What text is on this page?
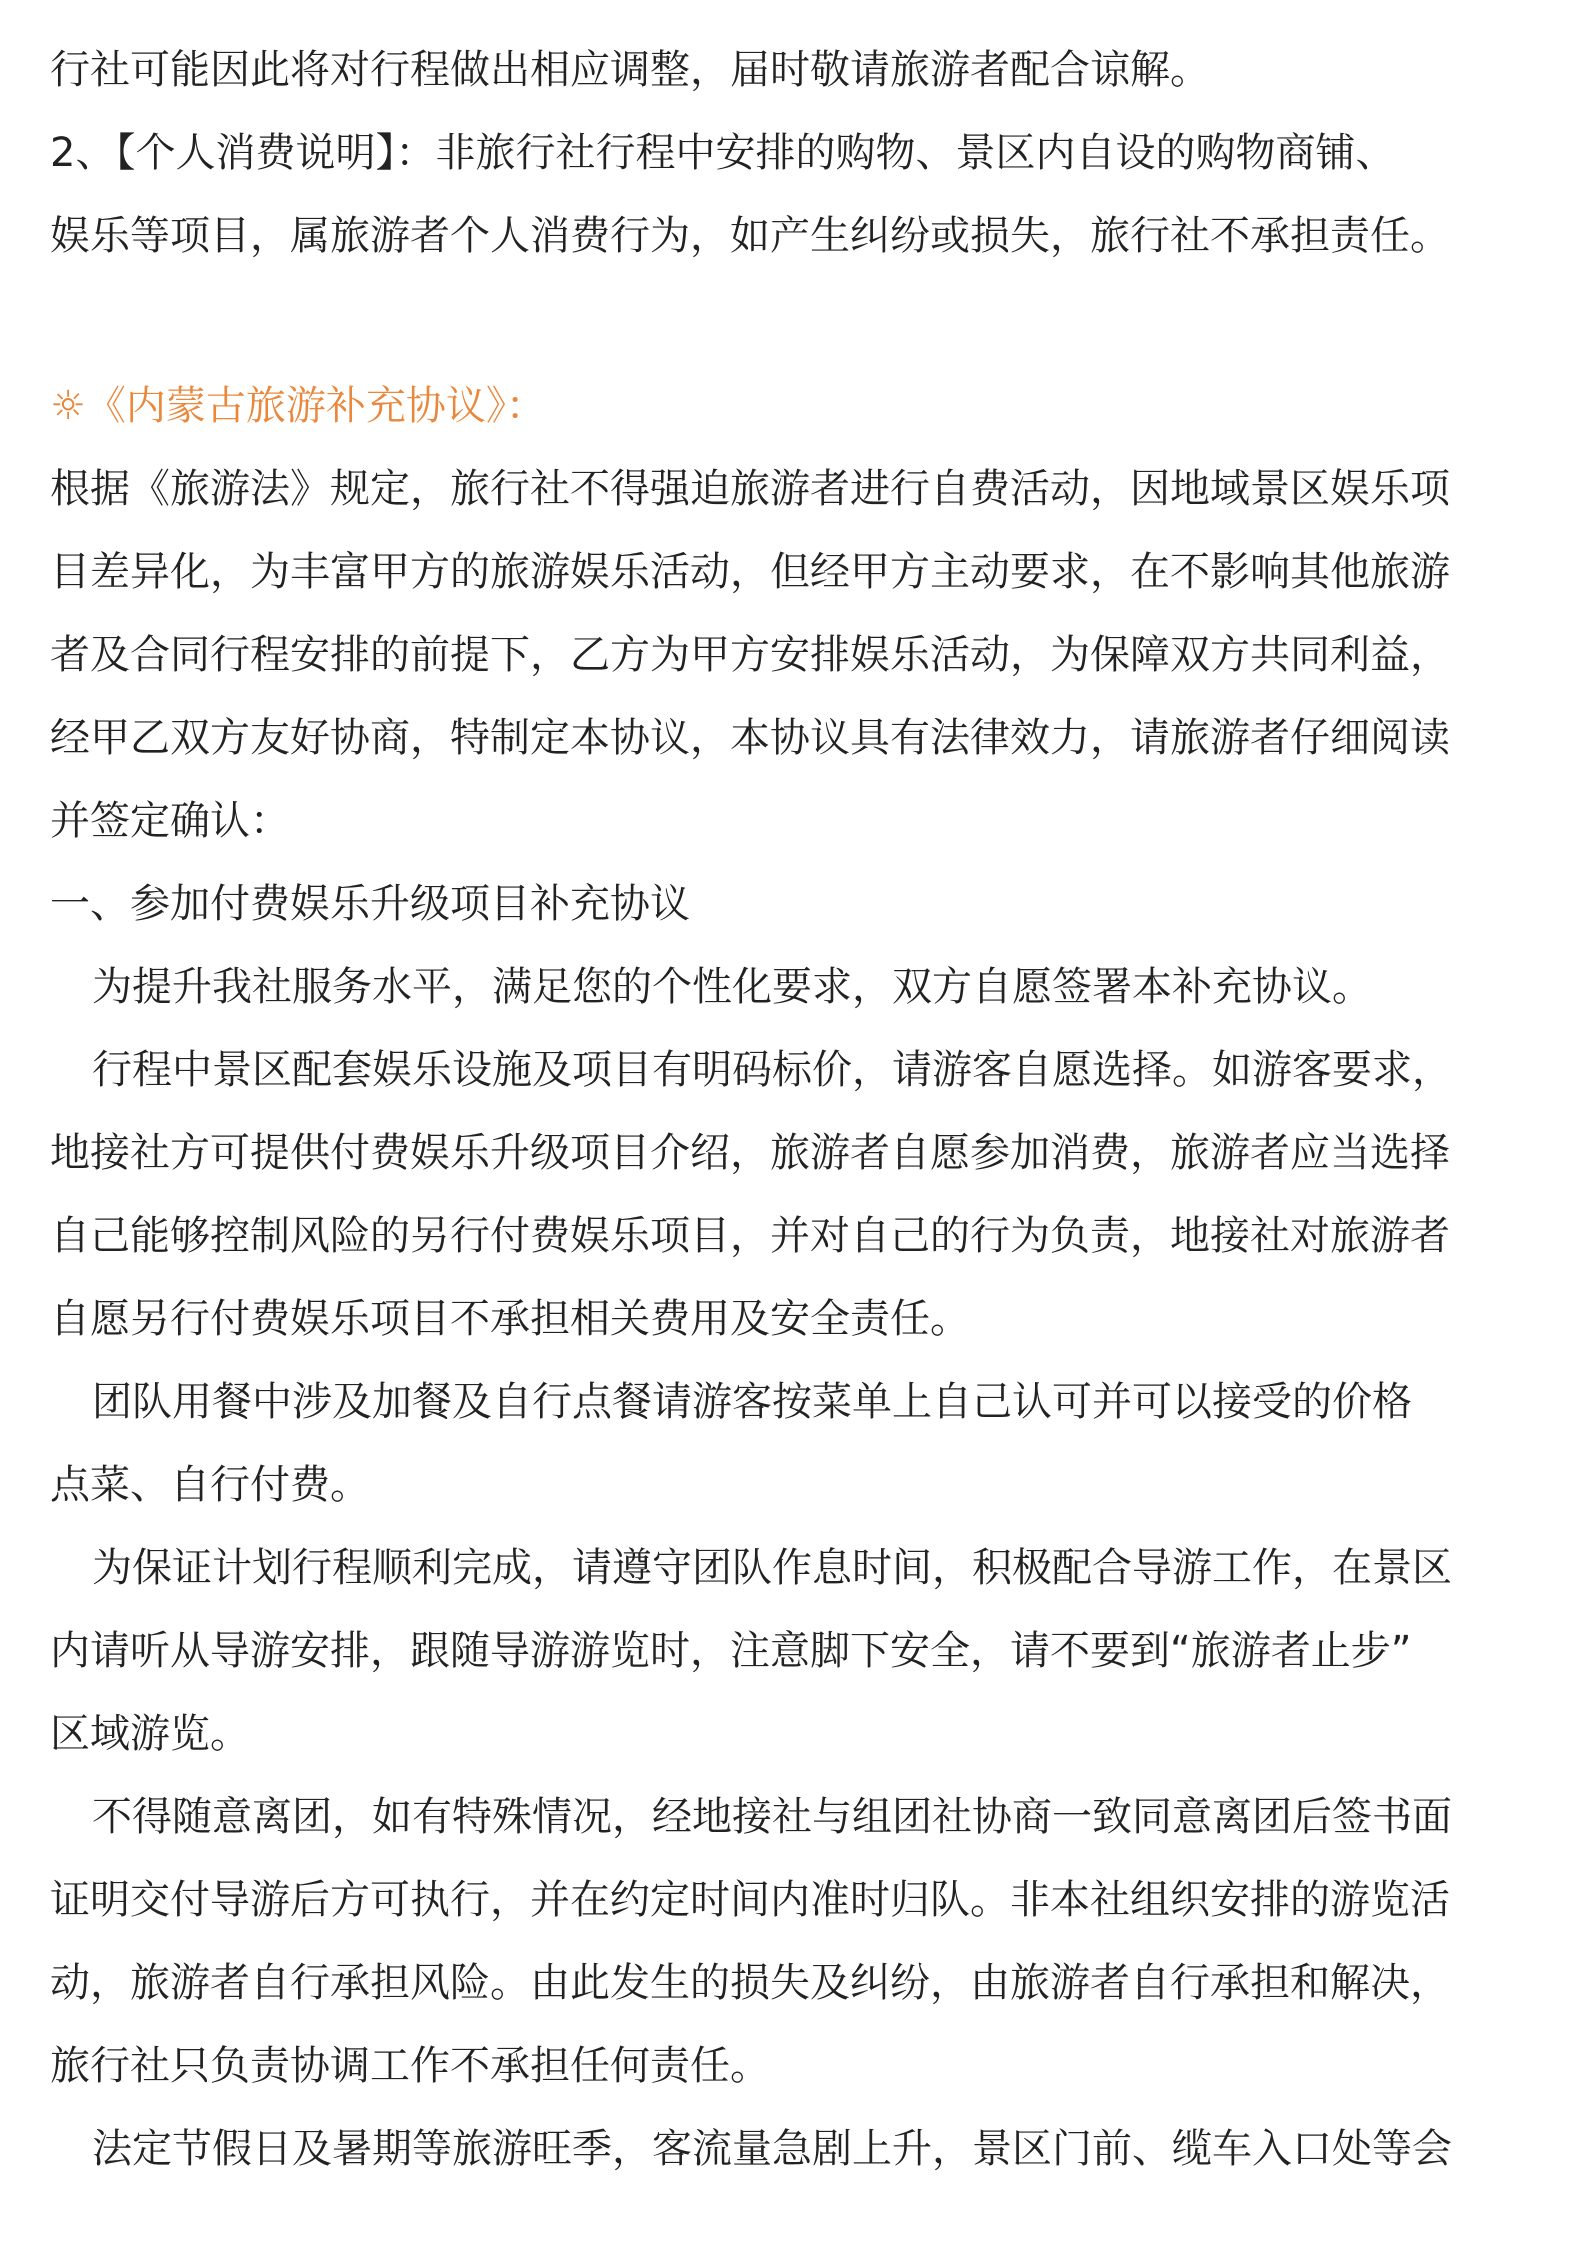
行社可能因此将对行程做出相应调整，届时敬请旅游者配合谅解。
2、【个人消费说明】：非旅行社行程中安排的购物、景区内自设的购物商铺、
娱乐等项目，属旅游者个人消费行为，如产生纠纷或损失，旅行社不承担责任。
☼《内蒙古旅游补充协议》：
根据《旅游法》规定，旅行社不得强迫旅游者进行自费活动，因地域景区娱乐项
目差异化，为丰富甲方的旅游娱乐活动，但经甲方主动要求，在不影响其他旅游
者及合同行程安排的前提下，乙方为甲方安排娱乐活动，为保障双方共同利益，
经甲乙双方友好协商，特制定本协议，本协议具有法律效力，请旅游者仔细阅读
并签定确认：
一、参加付费娱乐升级项目补充协议
为提升我社服务水平，满足您的个性化要求，双方自愿签署本补充协议。
行程中景区配套娱乐设施及项目有明码标价，请游客自愿选择。如游客要求，
地接社方可提供付费娱乐升级项目介绍，旅游者自愿参加消费，旅游者应当选择
自己能够控制风险的另行付费娱乐项目，并对自己的行为负责，地接社对旅游者
自愿另行付费娱乐项目不承担相关费用及安全责任。
团队用餐中涉及加餐及自行点餐请游客按菜单上自己认可并可以接受的价格
点菜、自行付费。
为保证计划行程顺利完成，请遵守团队作息时间，积极配合导游工作，在景区
内请听从导游安排，跟随导游游览时，注意脚下安全，请不要到“旅游者止步”
区域游览。
不得随意离团，如有特殊情况，经地接社与组团社协商一致同意离团后签书面
证明交付导游后方可执行，并在约定时间内准时归队。非本社组织安排的游览活
动，旅游者自行承担风险。由此发生的损失及纠纷，由旅游者自行承担和解决，
旅行社只负责协调工作不承担任何责任。
法定节假日及暑期等旅游旺季，客流量急剧上升，景区门前、缆车入口处等会
